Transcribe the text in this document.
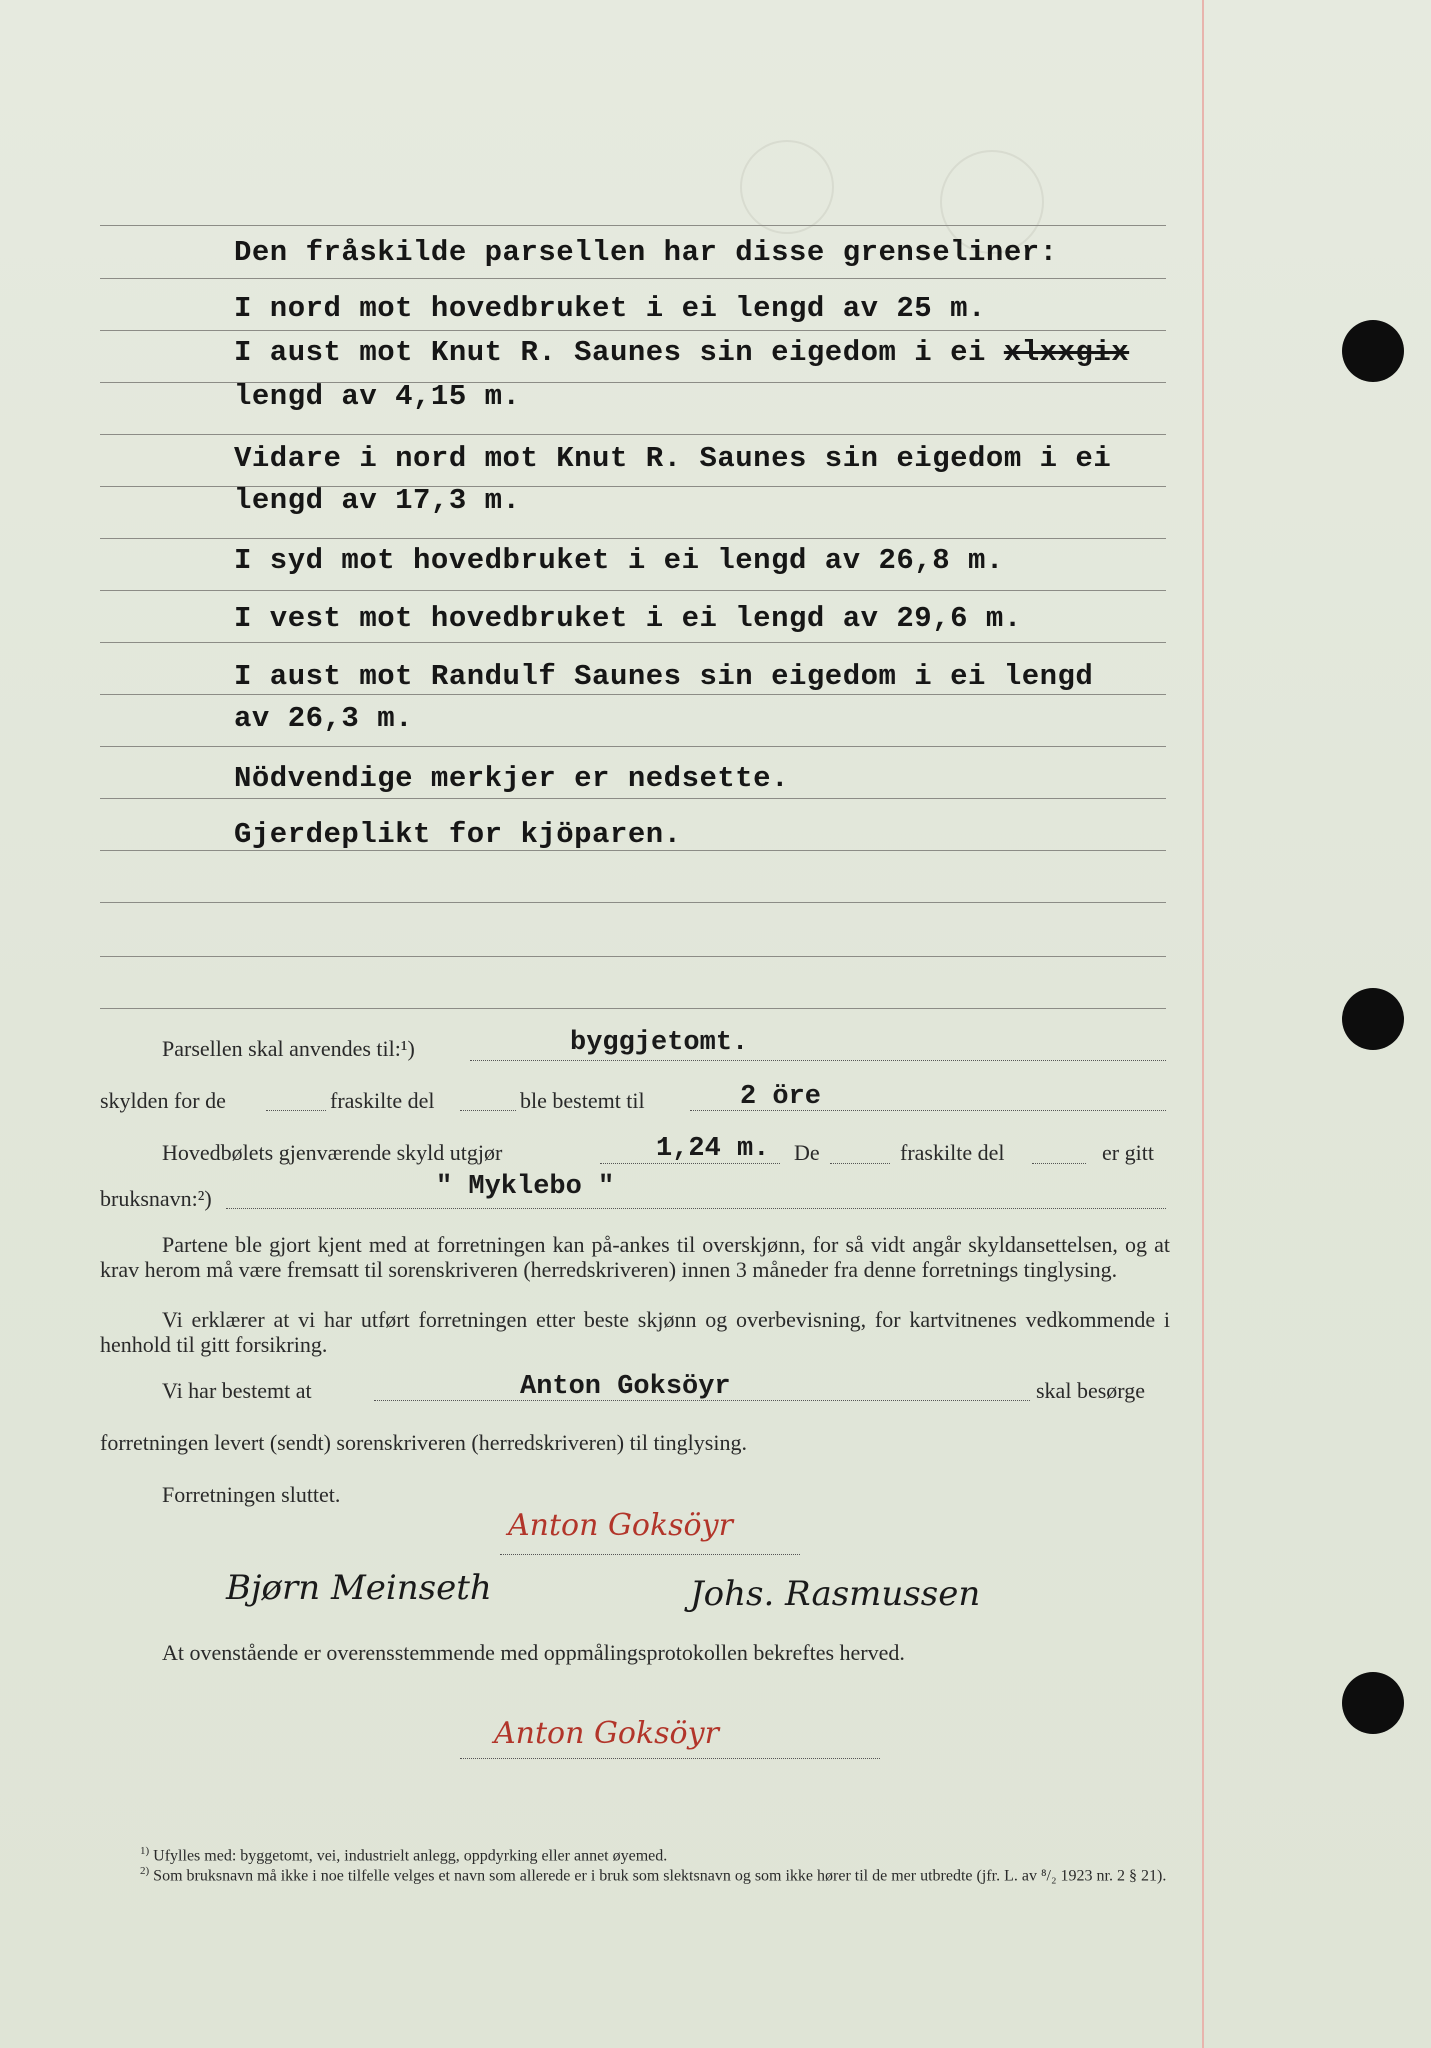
Den fråskilde parsellen har disse grenseliner:
I nord mot hovedbruket i ei lengd av 25 m.
I aust mot Knut R. Saunes sin eigedom i ei xlxxgix
lengd av 4,15 m.
Vidare i nord mot Knut R. Saunes sin eigedom i ei
lengd av 17,3 m.
I syd mot hovedbruket i ei lengd av 26,8 m.
I vest mot hovedbruket i ei lengd av 29,6 m.
I aust mot Randulf Saunes sin eigedom i ei lengd
av 26,3 m.
Nödvendige merkjer er nedsette.
Gjerdeplikt for kjöparen.
Parsellen skal anvendes til:¹)	byggjetomt.
skylden for de	fraskilte del	ble bestemt til	2 öre
Hovedbølets gjenværende skyld utgjør	1,24 m. De	fraskilte del	er gitt
bruksnavn:²)	" Myklebo "
Partene ble gjort kjent med at forretningen kan på-ankes til overskjønn, for så vidt angår skyldansettelsen, og at krav herom må være fremsatt til sorenskriveren (herredskriveren) innen 3 måneder fra denne forretnings tinglysing.
Vi erklærer at vi har utført forretningen etter beste skjønn og overbevisning, for kartvitnenes vedkommende i henhold til gitt forsikring.
Vi har bestemt at	Anton Goksöyr	skal besørge
forretningen levert (sendt) sorenskriveren (herredskriveren) til tinglysing.
Forretningen sluttet.
Anton Goksöyr
Bjørn Meinseth	Johs. Rasmussen
At ovenstående er overensstemmende med oppmålingsprotokollen bekreftes herved.
Anton Goksöyr
$^{1)}$ Ufylles med: byggetomt, vei, industrielt anlegg, oppdyrking eller annet øyemed.
$^{2)}$ Som bruksnavn må ikke i noe tilfelle velges et navn som allerede er i bruk som slektsnavn og som ikke hører til de mer utbredte (jfr. L. av ⁸/₂ 1923 nr. 2 § 21).
